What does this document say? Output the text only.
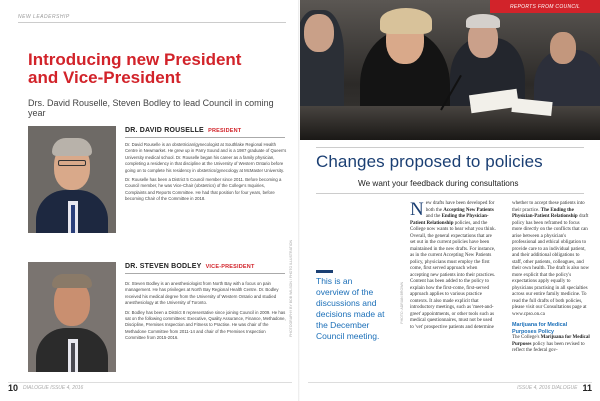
NEW LEADERSHIP
Introducing new President
and Vice-President
Drs. David Rouselle, Steven Bodley to lead Council in coming year
DR. DAVID ROUSELLE PRESIDENT

Dr. David Rouselle is an obstetrician/gynecologist at Southlake Regional Health Centre in Newmarket. He grew up in Parry Sound and is a 1987 graduate of Queen's University medical school. Dr. Rouselle began his career as a family physician, completing a residency in that discipline at the University of Western Ontario before going on to complete his residency in obstetrics/gynecology at McMaster University.

Dr. Rouselle has been a District 5 Council member since 2011. Before becoming a Council member, he was Vice-Chair (obstetrics) of the College's Inquiries, Complaints and Reports Committee. He had that position for four years, before becoming Chair of the Committee in 2018.

DR. STEVEN BODLEY VICE-PRESIDENT

Dr. Steven Bodley is an anesthesiologist from North Bay with a focus on pain management. He has privileges at North Bay Regional Health Centre. Dr. Bodley received his medical degree from the University of Western Ontario and studied anesthesiology at the University of Toronto.

Dr. Bodley has been a District 8 representative since joining Council in 2009. He has sat on the following committees: Executive, Quality Assurance, Finance, Methadone, Discipline, Premises Inspection and Fitness to Practise. He was chair of the Methadone Committee from 2011-14 and chair of the Premises Inspection Committee from 2015-2016.

PHOTOGRAPHY BY BOB WILSON / PHOTO ILLUSTRATION
10 DIALOGUE ISSUE 4, 2016
REPORTS FROM COUNCIL
Changes proposed to policies
We want your feedback during consultations
This is an overview of the discussions and decisions made at the December Council meeting.
New drafts have been developed for both the Accepting New Patients and the Ending the Physician-Patient Relationship policies, and the College now wants to hear what you think. Overall, the general expectations that are set out in the current policies have been maintained in the new drafts. For instance, as in the current Accepting New Patients policy, physicians must employ the first come, first served approach when accepting new patients into their practices. Content has been added to the policy to explain how the first-come, first-served approach applies to various practice contexts. It also made explicit that introductory meetings, such as 'meet-and-greet' appointments, or other tools such as medical questionnaires, must not be used to 'vet' prospective patients and determine
whether to accept these patients into their practice. The Ending the Physician-Patient Relationship draft policy has been reframed to focus more directly on the conflicts that can arise between a physician's professional and ethical obligation to provide care to an individual patient, and their additional obligations to staff, other patients, colleagues, and their own health. The draft is also now more explicit that the policy's expectations apply equally to physicians practising in all specialties across our entire family medicine. To read the full drafts of both policies, please visit our Consultations page at www.cpso.on.ca
Marijuana for Medical Purposes Policy
The College's Marijuana for Medical Purposes policy has been revised to reflect the federal gov-
PHOTO: ADRIAN BROWN
ISSUE 4, 2016 DIALOGUE 11
